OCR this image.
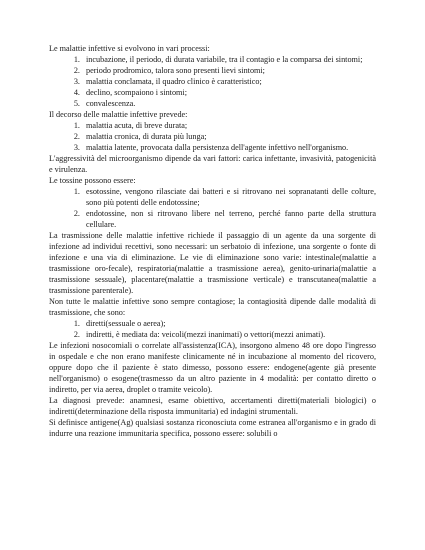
Le malattie infettive si evolvono in vari processi:

1. incubazione, il periodo, di durata variabile, tra il contagio e la comparsa dei sintomi;
2. periodo prodromico, talora sono presenti lievi sintomi;
3. malattia conclamata, il quadro clinico è caratteristico;
4. declino, scompaiono i sintomi;
5. convalescenza.

Il decorso delle malattie infettive prevede:

1. malattia acuta, di breve durata;
2. malattia cronica, di durata più lunga;
3. malattia latente, provocata dalla persistenza dell'agente infettivo nell'organismo.

L'aggressività del microorganismo dipende da vari fattori: carica infettante, invasività, patogenicità e virulenza.

Le tossine possono essere:

1. esotossine, vengono rilasciate dai batteri e si ritrovano nei sopranatanti delle colture, sono più potenti delle endotossine;
2. endotossine, non si ritrovano libere nel terreno, perché fanno parte della struttura cellulare.

La trasmissione delle malattie infettive richiede il passaggio di un agente da una sorgente di infezione ad individui recettivi, sono necessari: un serbatoio di infezione, una sorgente o fonte di infezione e una via di eliminazione. Le vie di eliminazione sono varie: intestinale(malattie a trasmissione oro-fecale), respiratoria(malattie a trasmissione aerea), genito-urinaria(malattie a trasmissione sessuale), placentare(malattie a trasmissione verticale) e transcutanea(malattie a trasmissione parenterale).

Non tutte le malattie infettive sono sempre contagiose; la contagiosità dipende dalle modalità di trasmissione, che sono:

1. diretti(sessuale o aerea);
2. indiretti, è mediata da: veicoli(mezzi inanimati) o vettori(mezzi animati).

Le infezioni nosocomiali o correlate all'assistenza(ICA), insorgono almeno 48 ore dopo l'ingresso in ospedale e che non erano manifeste clinicamente né in incubazione al momento del ricovero, oppure dopo che il paziente è stato dimesso, possono essere: endogene(agente già presente nell'organismo) o esogene(trasmesso da un altro paziente in 4 modalità: per contatto diretto o indiretto, per via aerea, droplet o tramite veicolo).

La diagnosi prevede: anamnesi, esame obiettivo, accertamenti diretti(materiali biologici) o indiretti(determinazione della risposta immunitaria) ed indagini strumentali.

Si definisce antigene(Ag) qualsiasi sostanza riconosciuta come estranea all'organismo e in grado di indurre una reazione immunitaria specifica, possono essere: solubili o
